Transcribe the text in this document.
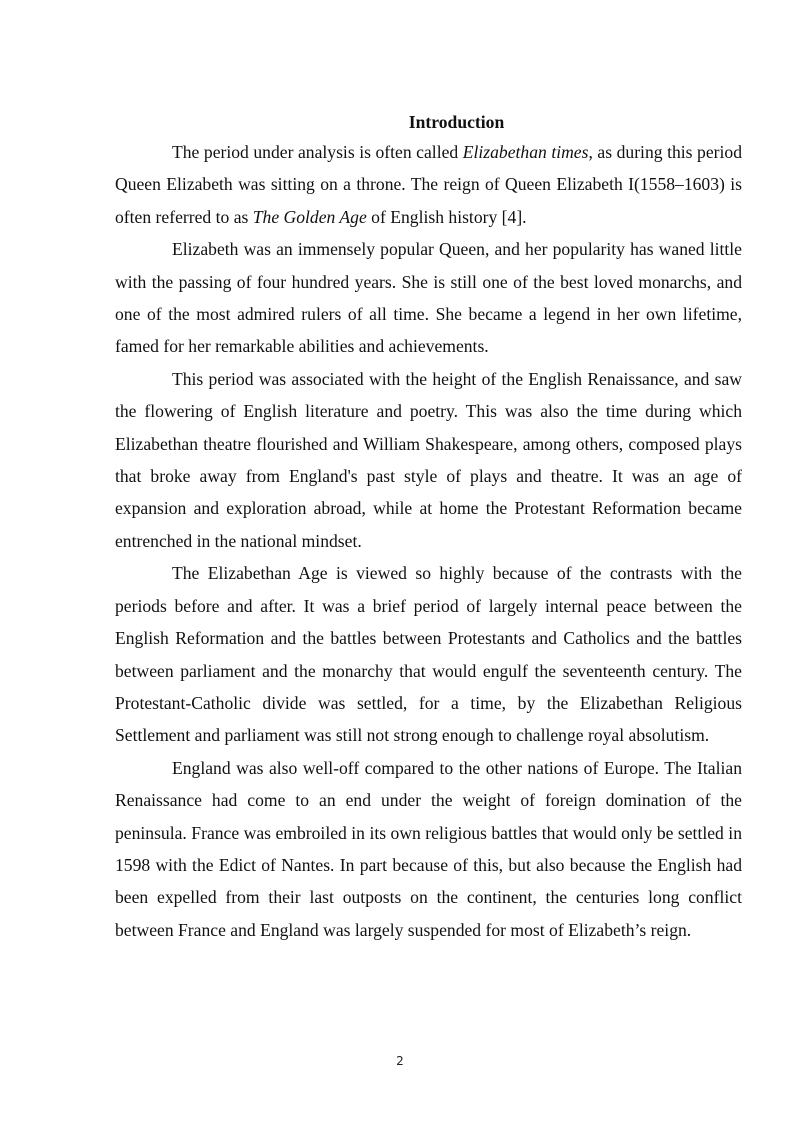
Introduction

The period under analysis is often called Elizabethan times, as during this period Queen Elizabeth was sitting on a throne. The reign of Queen Elizabeth I(1558–1603) is often referred to as The Golden Age of English history [4].

Elizabeth was an immensely popular Queen, and her popularity has waned little with the passing of four hundred years. She is still one of the best loved monarchs, and one of the most admired rulers of all time. She became a legend in her own lifetime, famed for her remarkable abilities and achievements.

This period was associated with the height of the English Renaissance, and saw the flowering of English literature and poetry. This was also the time during which Elizabethan theatre flourished and William Shakespeare, among others, composed plays that broke away from England's past style of plays and theatre. It was an age of expansion and exploration abroad, while at home the Protestant Reformation became entrenched in the national mindset.

The Elizabethan Age is viewed so highly because of the contrasts with the periods before and after. It was a brief period of largely internal peace between the English Reformation and the battles between Protestants and Catholics and the battles between parliament and the monarchy that would engulf the seventeenth century. The Protestant-Catholic divide was settled, for a time, by the Elizabethan Religious Settlement and parliament was still not strong enough to challenge royal absolutism.

England was also well-off compared to the other nations of Europe. The Italian Renaissance had come to an end under the weight of foreign domination of the peninsula. France was embroiled in its own religious battles that would only be settled in 1598 with the Edict of Nantes. In part because of this, but also because the English had been expelled from their last outposts on the continent, the centuries long conflict between France and England was largely suspended for most of Elizabeth’s reign.

2
